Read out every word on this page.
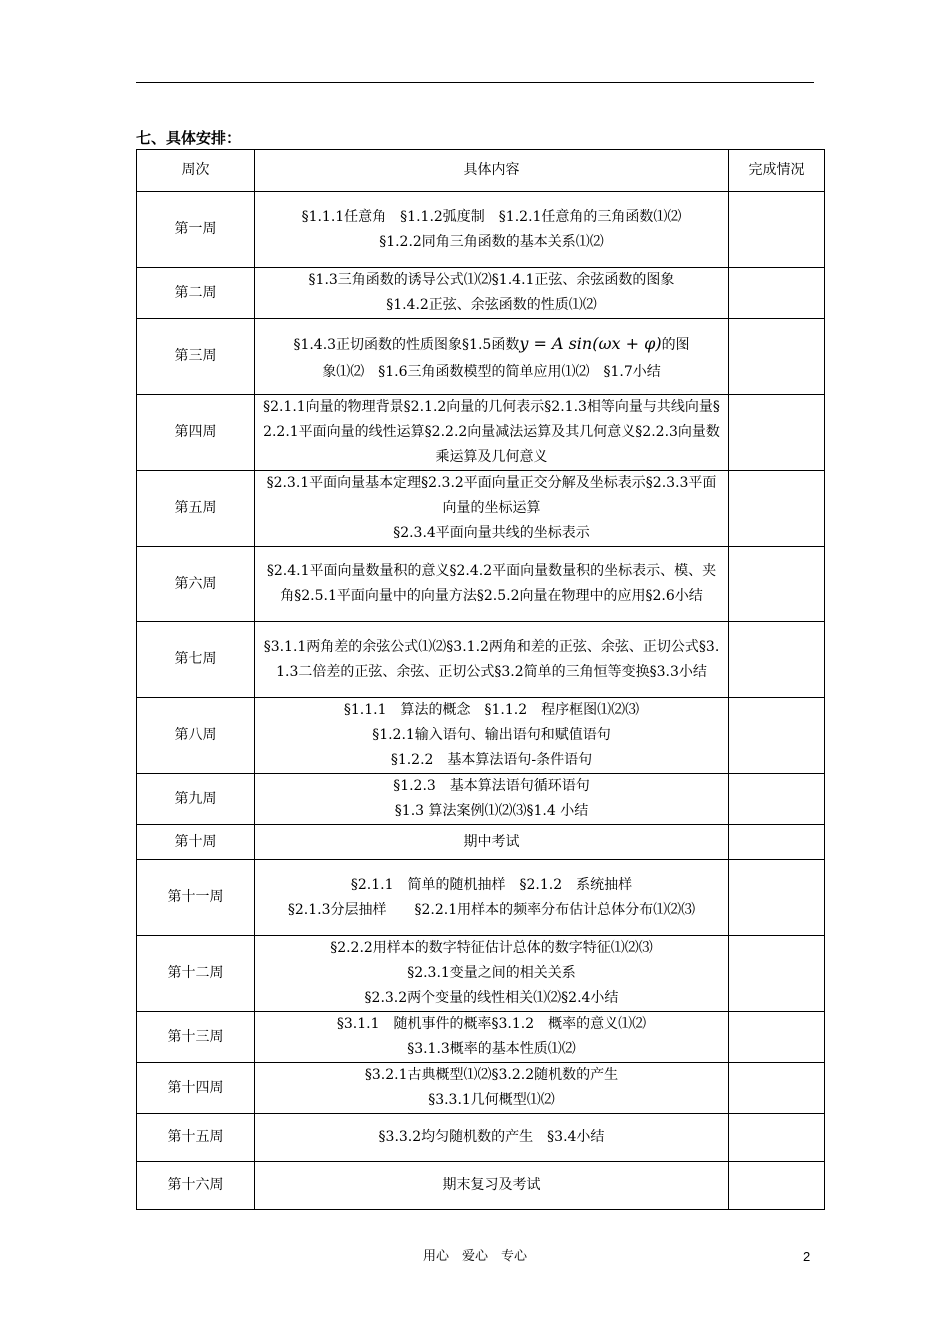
七、具体安排：
周次	具体内容	完成情况
第一周	§1.1.1任意角　§1.1.2弧度制　§1.2.1任意角的三角函数⑴⑵
§1.2.2同角三角函数的基本关系⑴⑵	

第二周	§1.3三角函数的诱导公式⑴⑵§1.4.1正弦、余弦函数的图象
§1.4.2正弦、余弦函数的性质⑴⑵	

第三周	§1.4.3正切函数的性质图象§1.5函数y = A sin(ωx + φ)的图
象⑴⑵　§1.6三角函数模型的简单应用⑴⑵　§1.7小结	

第四周	§2.1.1向量的物理背景§2.1.2向量的几何表示§2.1.3相等向量与共线向量§2.2.1平面向量的线性运算§2.2.2向量减法运算及其几何意义§2.2.3向量数乘运算及几何意义	

第五周	§2.3.1平面向量基本定理§2.3.2平面向量正交分解及坐标表示§2.3.3平面向量的坐标运算
§2.3.4平面向量共线的坐标表示	

第六周	§2.4.1平面向量数量积的意义§2.4.2平面向量数量积的坐标表示、模、夹角§2.5.1平面向量中的向量方法§2.5.2向量在物理中的应用§2.6小结	

第七周	§3.1.1两角差的余弦公式⑴⑵§3.1.2两角和差的正弦、余弦、正切公式§3.1.3二倍差的正弦、余弦、正切公式§3.2简单的三角恒等变换§3.3小结	

第八周	§1.1.1　算法的概念　§1.1.2　程序框图⑴⑵⑶
§1.2.1输入语句、输出语句和赋值语句
§1.2.2　基本算法语句-条件语句	

第九周	§1.2.3　基本算法语句循环语句
§1.3 算法案例⑴⑵⑶§1.4 小结	

第十周	期中考试	

第十一周	§2.1.1　简单的随机抽样　§2.1.2　系统抽样
§2.1.3分层抽样　　§2.2.1用样本的频率分布估计总体分布⑴⑵⑶	

第十二周	§2.2.2用样本的数字特征估计总体的数字特征⑴⑵⑶
§2.3.1变量之间的相关关系
§2.3.2两个变量的线性相关⑴⑵§2.4小结	

第十三周	§3.1.1　随机事件的概率§3.1.2　概率的意义⑴⑵
§3.1.3概率的基本性质⑴⑵	

第十四周	§3.2.1古典概型⑴⑵§3.2.2随机数的产生
§3.3.1几何概型⑴⑵	

第十五周	§3.3.2均匀随机数的产生　§3.4小结	

第十六周	期末复习及考试	

用心　爱心　专心	2
